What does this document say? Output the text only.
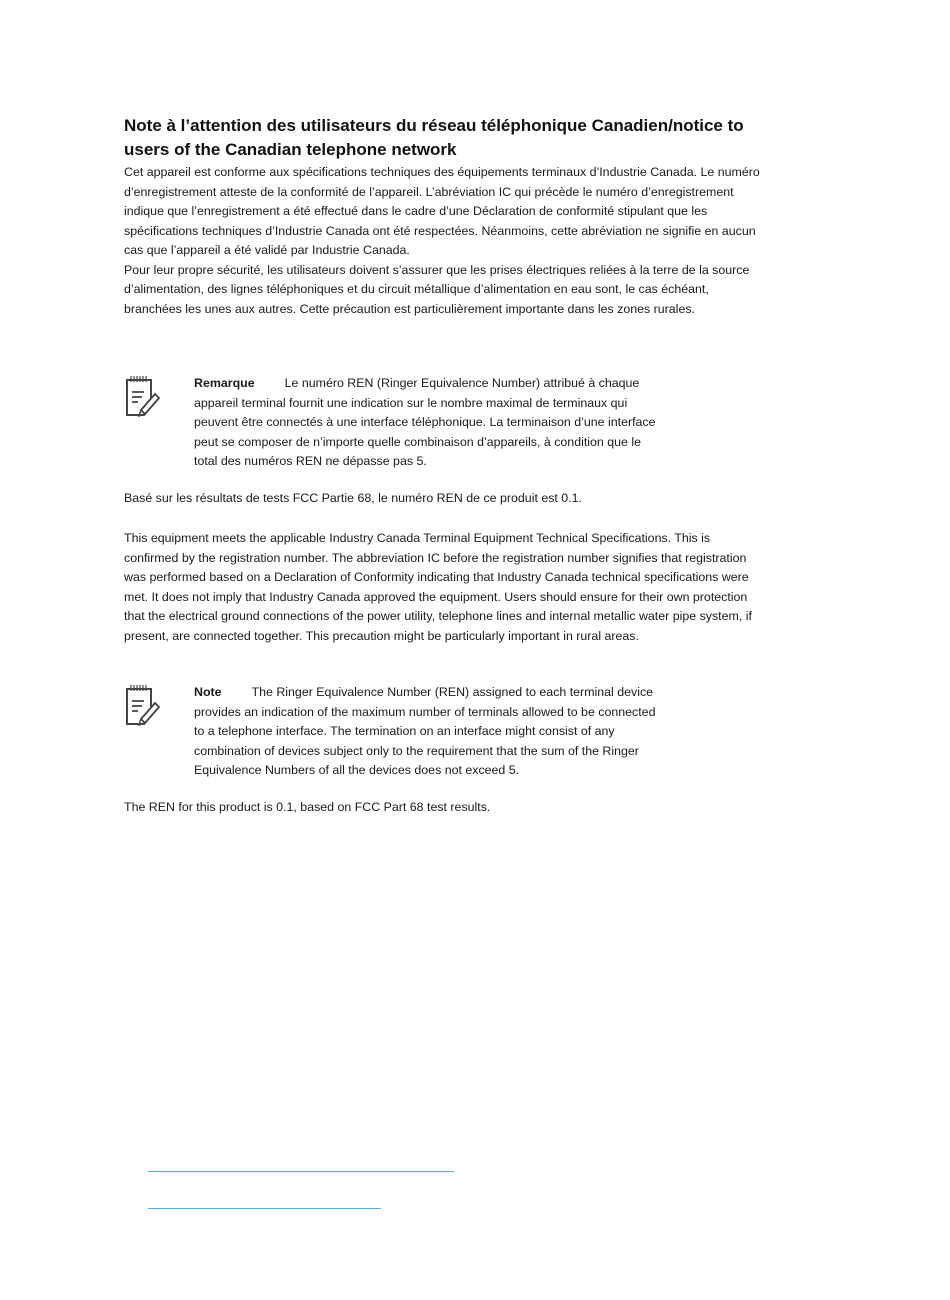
Note à l’attention des utilisateurs du réseau téléphonique Canadien/notice to
users of the Canadian telephone network

Cet appareil est conforme aux spécifications techniques des équipements terminaux d’Industrie Canada. Le numéro d’enregistrement atteste de la conformité de l’appareil. L’abréviation IC qui précède le numéro d’enregistrement indique que l’enregistrement a été effectué dans le cadre d’une Déclaration de conformité stipulant que les spécifications techniques d’Industrie Canada ont été respectées. Néanmoins, cette abréviation ne signifie en aucun cas que l’appareil a été validé par Industrie Canada.

Pour leur propre sécurité, les utilisateurs doivent s’assurer que les prises électriques reliées à la terre de la source d’alimentation, des lignes téléphoniques et du circuit métallique d’alimentation en eau sont, le cas échéant, branchées les unes aux autres. Cette précaution est particulièrement importante dans les zones rurales.

Remarque Le numéro REN (Ringer Equivalence Number) attribué à chaque
appareil terminal fournit une indication sur le nombre maximal de terminaux qui
peuvent être connectés à une interface téléphonique. La terminaison d’une interface
peut se composer de n’importe quelle combinaison d’appareils, à condition que le
total des numéros REN ne dépasse pas 5.

Basé sur les résultats de tests FCC Partie 68, le numéro REN de ce produit est 0.1.

This equipment meets the applicable Industry Canada Terminal Equipment Technical Specifications. This is confirmed by the registration number. The abbreviation IC before the registration number signifies that registration was performed based on a Declaration of Conformity indicating that Industry Canada technical specifications were met. It does not imply that Industry Canada approved the equipment. Users should ensure for their own protection that the electrical ground connections of the power utility, telephone lines and internal metallic water pipe system, if present, are connected together. This precaution might be particularly important in rural areas.

Note The Ringer Equivalence Number (REN) assigned to each terminal device
provides an indication of the maximum number of terminals allowed to be connected
to a telephone interface. The termination on an interface might consist of any
combination of devices subject only to the requirement that the sum of the Ringer
Equivalence Numbers of all the devices does not exceed 5.

The REN for this product is 0.1, based on FCC Part 68 test results.
